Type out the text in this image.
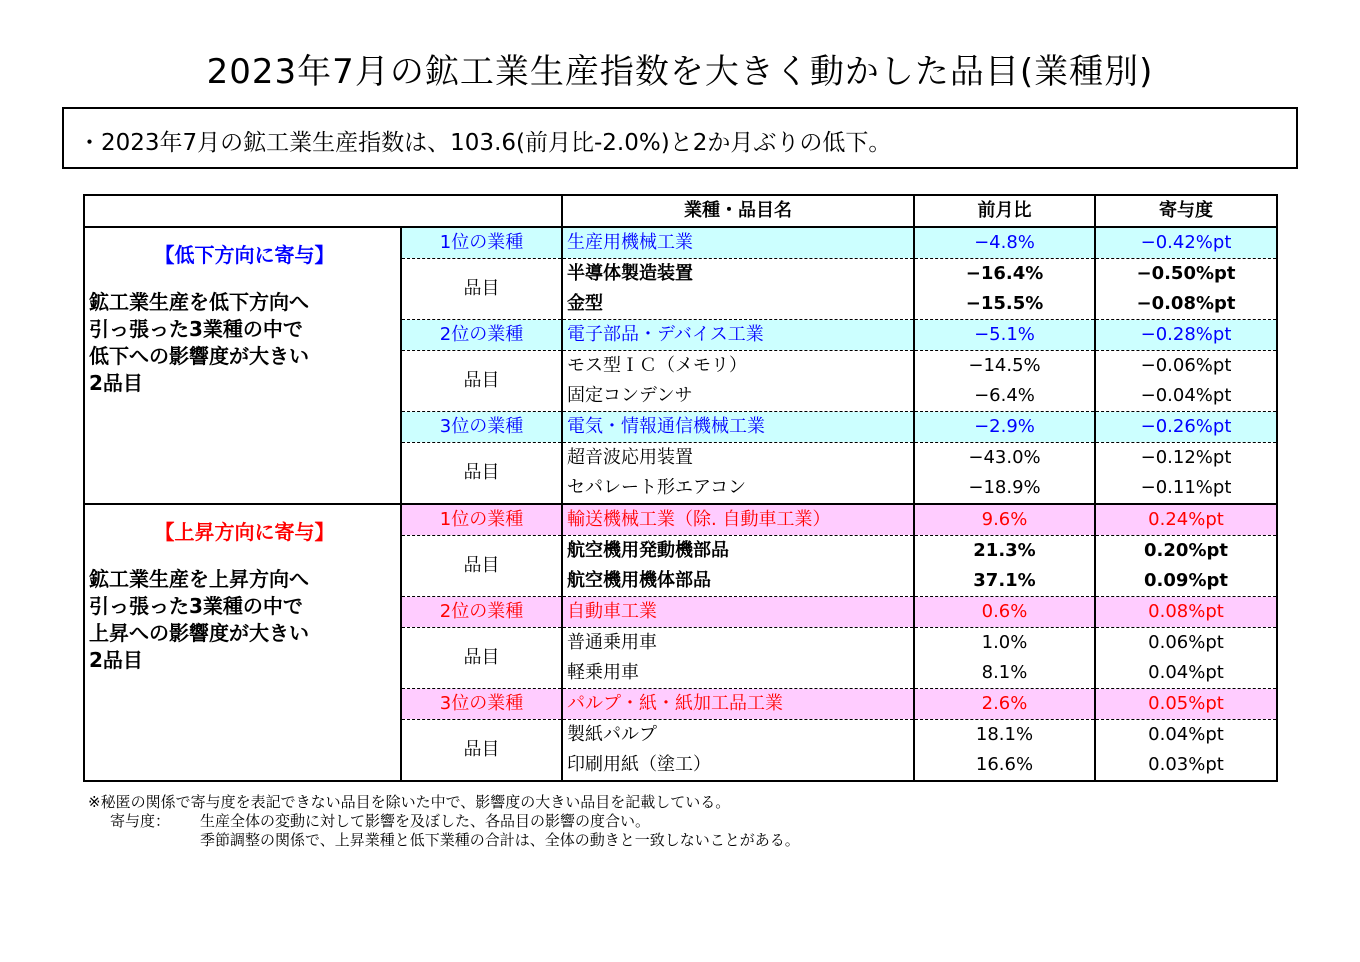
2023年7月の鉱工業生産指数を大きく動かした品目(業種別)
・2023年7月の鉱工業生産指数は、103.6(前月比-2.0%)と2か月ぶりの低下。
		業種・品目名	前月比	寄与度

【低下方向に寄与】
鉱工業生産を低下方向へ
引っ張った3業種の中で
低下への影響度が大きい
2品目	1位の業種	生産用機械工業	−4.8%	−0.42%pt
	品目	半導体製造装置	−16.4%	−0.50%pt
		金型	−15.5%	−0.08%pt
	2位の業種	電子部品・デバイス工業	−5.1%	−0.28%pt
	品目	モス型ＩＣ（メモリ）	−14.5%	−0.06%pt
		固定コンデンサ	−6.4%	−0.04%pt
	3位の業種	電気・情報通信機械工業	−2.9%	−0.26%pt
	品目	超音波応用装置	−43.0%	−0.12%pt
		セパレート形エアコン	−18.9%	−0.11%pt

【上昇方向に寄与】
鉱工業生産を上昇方向へ
引っ張った3業種の中で
上昇への影響度が大きい
2品目	1位の業種	輸送機械工業（除. 自動車工業）	9.6%	0.24%pt
	品目	航空機用発動機部品	21.3%	0.20%pt
		航空機用機体部品	37.1%	0.09%pt
	2位の業種	自動車工業	0.6%	0.08%pt
	品目	普通乗用車	1.0%	0.06%pt
		軽乗用車	8.1%	0.04%pt
	3位の業種	パルプ・紙・紙加工品工業	2.6%	0.05%pt
	品目	製紙パルプ	18.1%	0.04%pt
		印刷用紙（塗工）	16.6%	0.03%pt
※秘匿の関係で寄与度を表記できない品目を除いた中で、影響度の大きい品目を記載している。
寄与度： 生産全体の変動に対して影響を及ぼした、各品目の影響の度合い。
季節調整の関係で、上昇業種と低下業種の合計は、全体の動きと一致しないことがある。
